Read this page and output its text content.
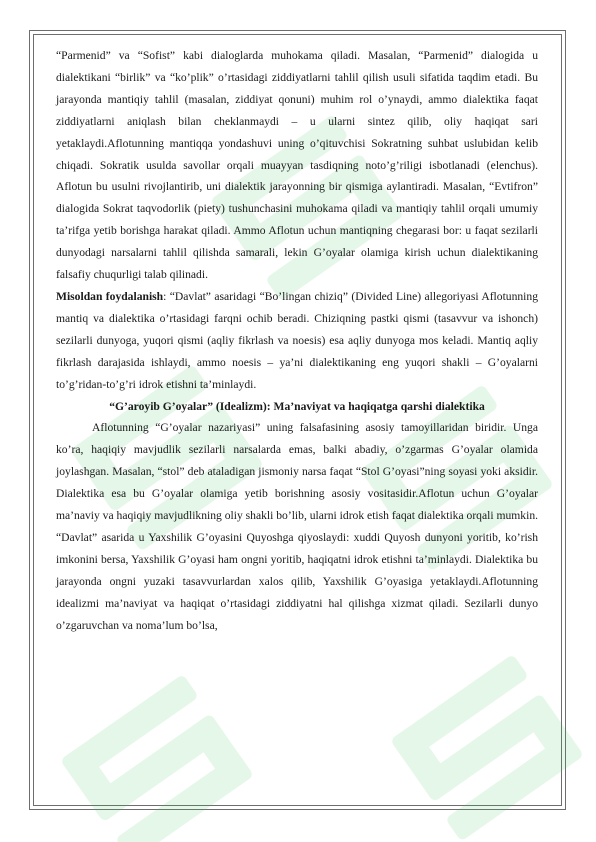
“Parmenid” va “Sofist” kabi dialoglarda muhokama qiladi. Masalan, “Parmenid” dialogida u dialektikani “birlik” va “ko’plik” o’rtasidagi ziddiyatlarni tahlil qilish usuli sifatida taqdim etadi. Bu jarayonda mantiqiy tahlil (masalan, ziddiyat qonuni) muhim rol o’ynaydi, ammo dialektika faqat ziddiyatlarni aniqlash bilan cheklanmaydi – u ularni sintez qilib, oliy haqiqat sari yetaklaydi.Aflotunning mantiqqa yondashuvi uning o’qituvchisi Sokratning suhbat uslubidan kelib chiqadi. Sokratik usulda savollar orqali muayyan tasdiqning noto’g’riligi isbotlanadi (elenchus). Aflotun bu usulni rivojlantirib, uni dialektik jarayonning bir qismiga aylantiradi. Masalan, “Evtifron” dialogida Sokrat taqvodorlik (piety) tushunchasini muhokama qiladi va mantiqiy tahlil orqali umumiy ta’rifga yetib borishga harakat qiladi. Ammo Aflotun uchun mantiqning chegarasi bor: u faqat sezilarli dunyodagi narsalarni tahlil qilishda samarali, lekin G’oyalar olamiga kirish uchun dialektikaning falsafiy chuqurligi talab qilinadi.

Misoldan foydalanish: “Davlat” asaridagi “Bo’lingan chiziq” (Divided Line) allegoriyasi Aflotunning mantiq va dialektika o’rtasidagi farqni ochib beradi. Chiziqning pastki qismi (tasavvur va ishonch) sezilarli dunyoga, yuqori qismi (aqliy fikrlash va noesis) esa aqliy dunyoga mos keladi. Mantiq aqliy fikrlash darajasida ishlaydi, ammo noesis – ya’ni dialektikaning eng yuqori shakli – G’oyalarni to’g’ridan-to’g’ri idrok etishni ta’minlaydi.

“G’aroyib G’oyalar” (Idealizm): Ma’naviyat va haqiqatga qarshi dialektika

Aflotunning “G’oyalar nazariyasi” uning falsafasining asosiy tamoyillaridan biridir. Unga ko’ra, haqiqiy mavjudlik sezilarli narsalarda emas, balki abadiy, o’zgarmas G’oyalar olamida joylashgan. Masalan, “stol” deb ataladigan jismoniy narsa faqat “Stol G’oyasi”ning soyasi yoki aksidir. Dialektika esa bu G’oyalar olamiga yetib borishning asosiy vositasidir.Aflotun uchun G’oyalar ma’naviy va haqiqiy mavjudlikning oliy shakli bo’lib, ularni idrok etish faqat dialektika orqali mumkin. “Davlat” asarida u Yaxshilik G’oyasini Quyoshga qiyoslaydi: xuddi Quyosh dunyoni yoritib, ko’rish imkonini bersa, Yaxshilik G’oyasi ham ongni yoritib, haqiqatni idrok etishni ta’minlaydi. Dialektika bu jarayonda ongni yuzaki tasavvurlardan xalos qilib, Yaxshilik G’oyasiga yetaklaydi.Aflotunning idealizmi ma’naviyat va haqiqat o’rtasidagi ziddiyatni hal qilishga xizmat qiladi. Sezilarli dunyo o’zgaruvchan va noma’lum bo’lsa,
